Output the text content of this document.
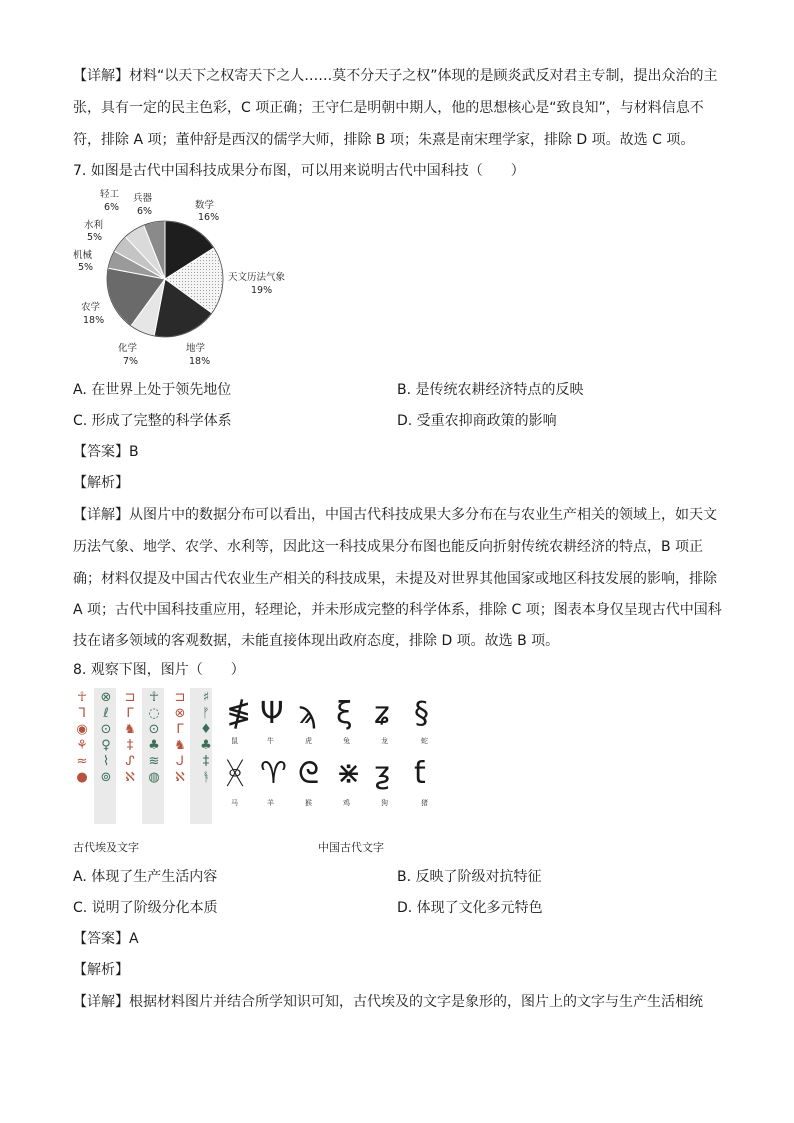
【详解】材料“以天下之权寄天下之人……莫不分天子之权”体现的是顾炎武反对君主专制，提出众治的主
张，具有一定的民主色彩，C 项正确；王守仁是明朝中期人，他的思想核心是“致良知”，与材料信息不
符，排除 A 项；董仲舒是西汉的儒学大师，排除 B 项；朱熹是南宋理学家，排除 D 项。故选 C 项。
7. 如图是古代中国科技成果分布图，可以用来说明古代中国科技（　　）
数学
16%
天文历法气象
19%
地学
18%
化学
7%
农学
18%
机械
5%
水利
5%
轻工
6%
兵器
6%
A. 在世界上处于领先地位	B. 是传统农耕经济特点的反映
C. 形成了完整的科学体系	D. 受重农抑商政策的影响
【答案】B
【解析】
【详解】从图片中的数据分布可以看出，中国古代科技成果大多分布在与农业生产相关的领域上，如天文
历法气象、地学、农学、水利等，因此这一科技成果分布图也能反向折射传统农耕经济的特点，B 项正
确；材料仅提及中国古代农业生产相关的科技成果，未提及对世界其他国家或地区科技发展的影响，排除
A 项；古代中国科技重应用，轻理论，并未形成完整的科学体系，排除 C 项；图表本身仅呈现古代中国科
技在诸多领域的客观数据，未能直接体现出政府态度，排除 D 项。故选 B 项。
8. 观察下图，图片（　　）
☥
ᒣ
◉
⚘
≈
●
⊗
ℓ
⊙
♀
⌇
⊚
⊐
ᒥ
♞
‡
ᔑ
ℵ
☥
◌
⊙
♣
≋
◍
⊐
⊗
ᒥ
♞
ᒍ
ℵ
♯
ᚠ
♦
♣
‡
ᚬ
≸ Ψ ϡ ξ ʑ §
鼠	牛	虎	兔	龙	蛇
ᚸ ♈ ᘓ ⋇ ƺ ƭ
马	羊	猴	鸡	狗	猪
古代埃及文字	中国古代文字
A. 体现了生产生活内容	B. 反映了阶级对抗特征
C. 说明了阶级分化本质	D. 体现了文化多元特色
【答案】A
【解析】
【详解】根据材料图片并结合所学知识可知，古代埃及的文字是象形的，图片上的文字与生产生活相统
